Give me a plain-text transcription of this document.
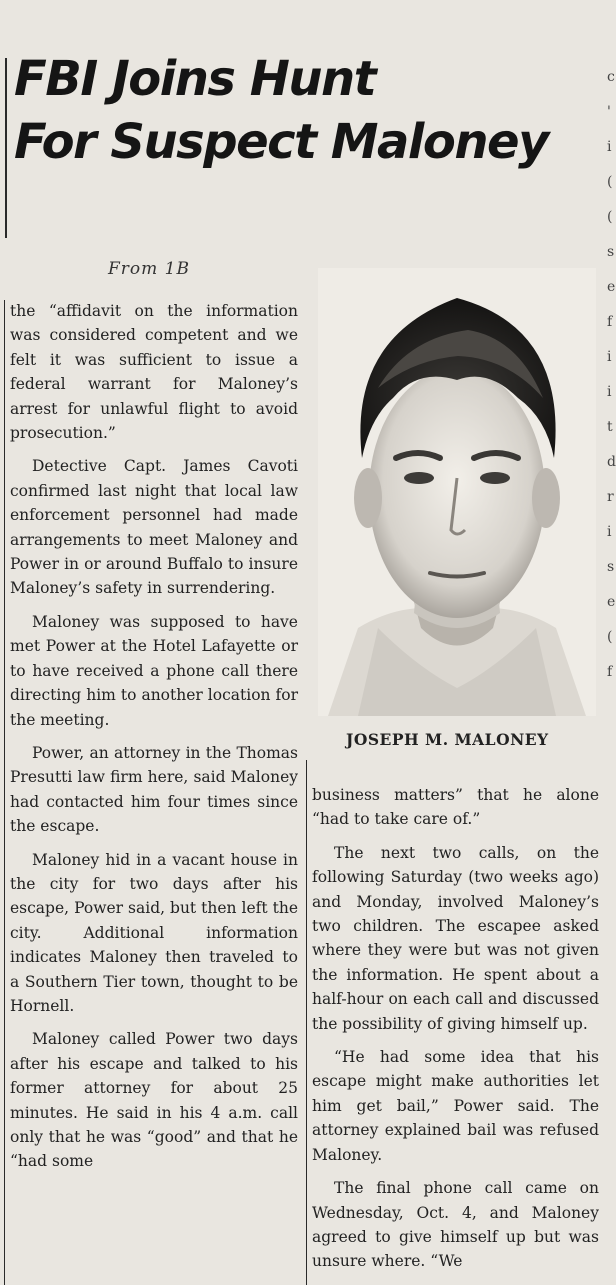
FBI Joins Hunt
For Suspect Maloney
From 1B
JOSEPH M. MALONEY

the “affidavit on the information was considered competent and we felt it was sufficient to issue a federal warrant for Maloney’s arrest for unlawful flight to avoid prosecution.”

Detective Capt. James Cavoti confirmed last night that local law enforcement personnel had made arrangements to meet Maloney and Power in or around Buffalo to insure Maloney’s safety in surrendering.

Maloney was supposed to have met Power at the Hotel Lafayette or to have received a phone call there directing him to another location for the meeting.

Power, an attorney in the Thomas Presutti law firm here, said Maloney had contacted him four times since the escape.

Maloney hid in a vacant house in the city for two days after his escape, Power said, but then left the city. Additional information indicates Maloney then traveled to a Southern Tier town, thought to be Hornell.

Maloney called Power two days after his escape and talked to his former attorney for about 25 minutes. He said in his 4 a.m. call only that he was “good” and that he “had some

business matters” that he alone “had to take care of.”

The next two calls, on the following Saturday (two weeks ago) and Monday, involved Maloney’s two children. The escapee asked where they were but was not given the information. He spent about a half-hour on each call and discussed the possibility of giving himself up.

“He had some idea that his escape might make authorities let him get bail,” Power said. The attorney explained bail was refused Maloney.

The final phone call came on Wednesday, Oct. 4, and Maloney agreed to give himself up but was unsure where. “We

c ' i ( ( s e f i i t d r i s e ( f
